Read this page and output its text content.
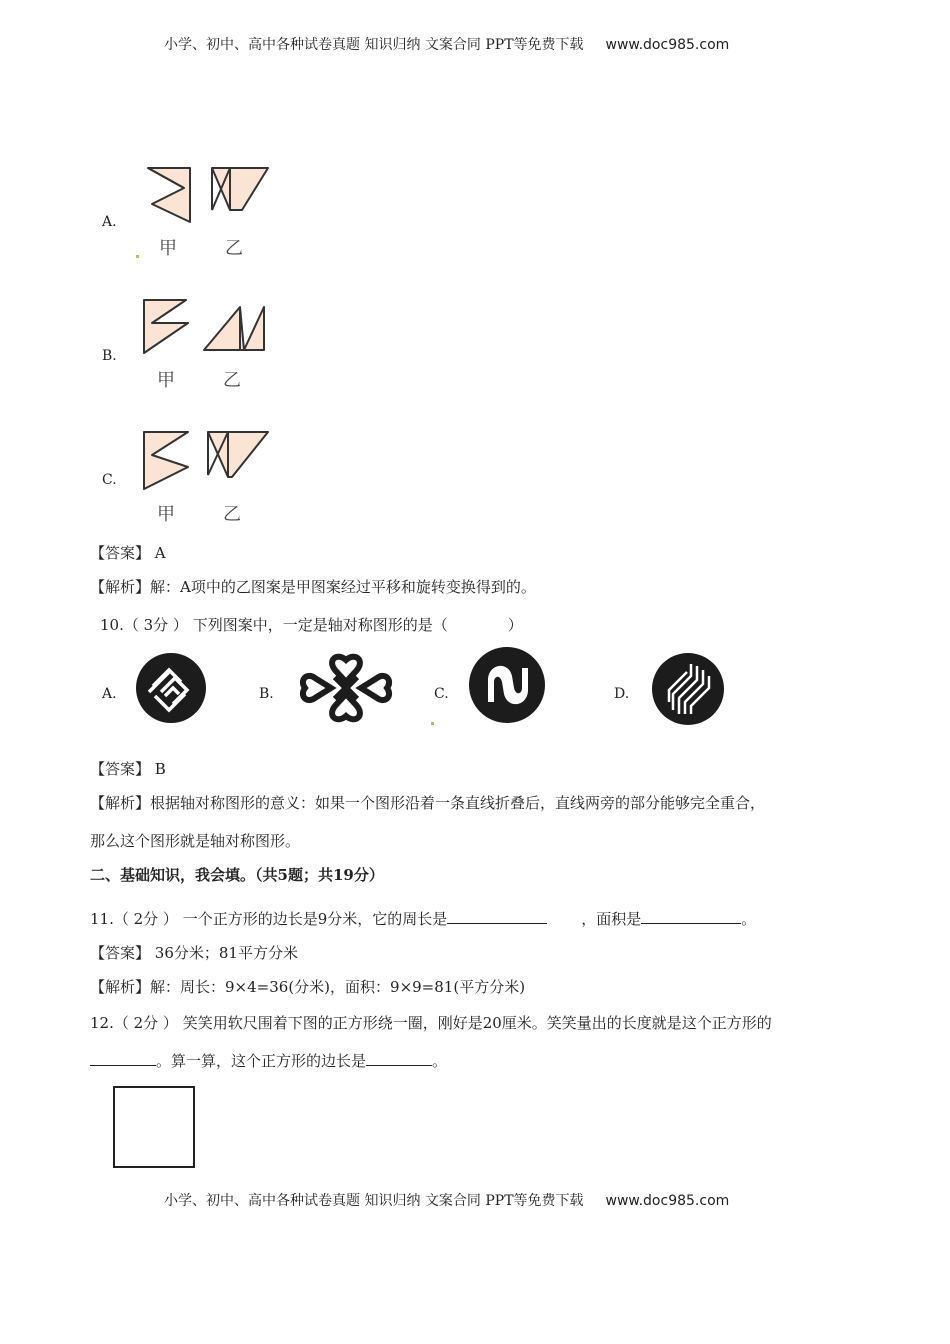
小学、初中、高中各种试卷真题 知识归纳 文案合同 PPT等免费下载 www.doc985.com
A.
甲	乙
B.
甲	乙
C.
甲	乙
【答案】 A
【解析】解：A项中的乙图案是甲图案经过平移和旋转变换得到的。
10.（ 3分 ） 下列图案中，一定是轴对称图形的是（　　　　）
A.	B.	C.	D.
【答案】 B
【解析】根据轴对称图形的意义：如果一个图形沿着一条直线折叠后，直线两旁的部分能够完全重合，
那么这个图形就是轴对称图形。
二、基础知识，我会填。（共5题；共19分）
11.（ 2分 ） 一个正方形的边长是9分米，它的周长是	，面积是	。
【答案】 36分米；81平方分米
【解析】解：周长：9×4=36(分米)，面积：9×9=81(平方分米)
12.（ 2分 ） 笑笑用软尺围着下图的正方形绕一圈，刚好是20厘米。笑笑量出的长度就是这个正方形的
。算一算，这个正方形的边长是	。
小学、初中、高中各种试卷真题 知识归纳 文案合同 PPT等免费下载 www.doc985.com
